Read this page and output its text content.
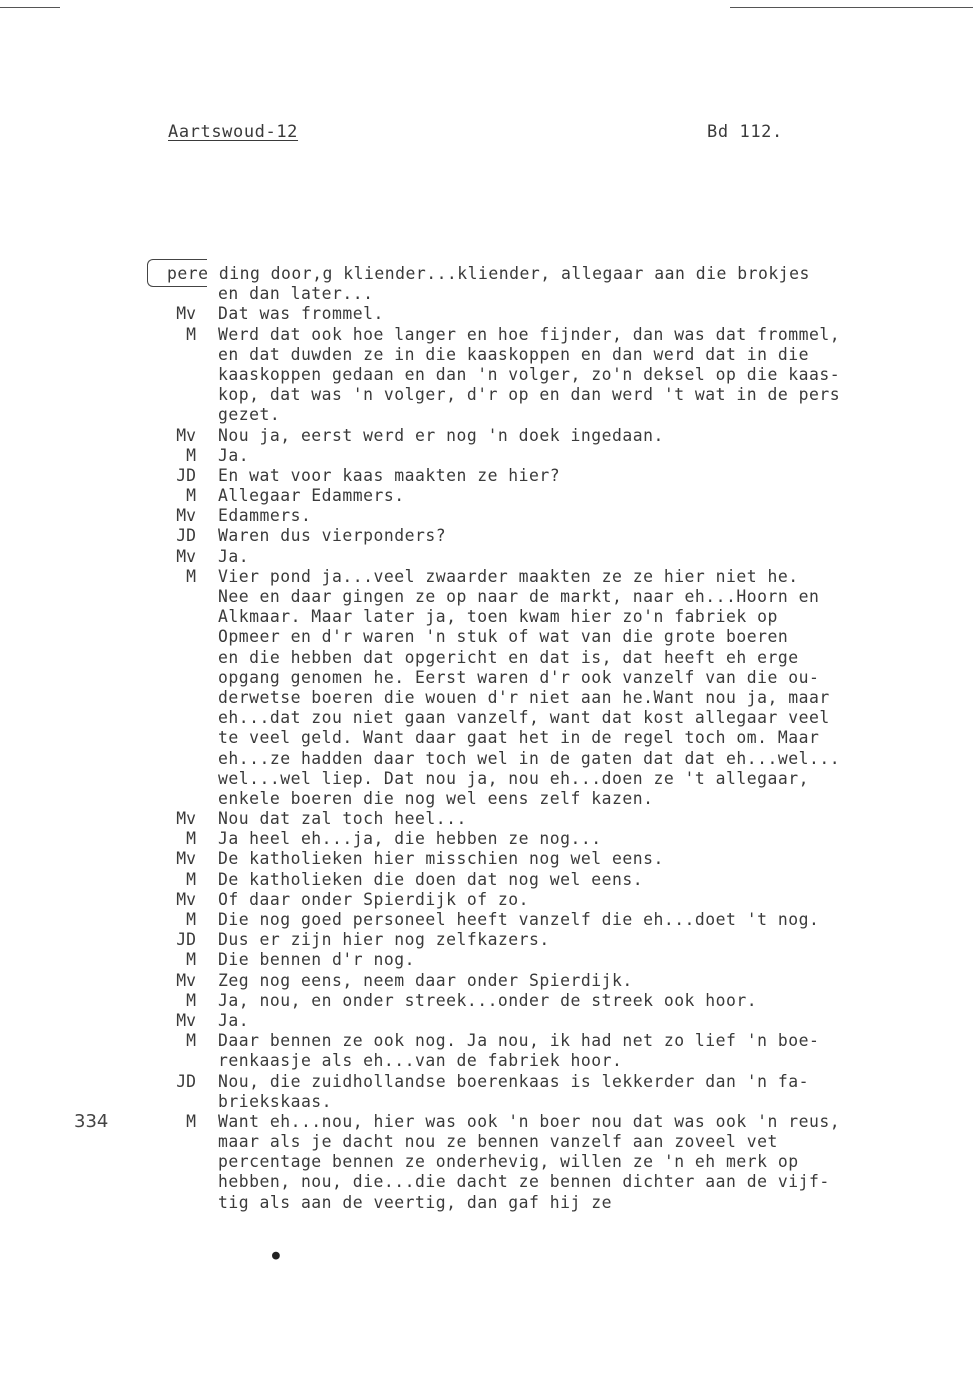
Aartswoud-12	Bd 112.
pere ding door,g kliender...kliender, allegaar aan die brokjes
en dan later...
Mv Dat was frommel.
M Werd dat ook hoe langer en hoe fijnder, dan was dat frommel,
en dat duwden ze in die kaaskoppen en dan werd dat in die
kaaskoppen gedaan en dan 'n volger, zo'n deksel op die kaas-
kop, dat was 'n volger, d'r op en dan werd 't wat in de pers
gezet.
Mv Nou ja, eerst werd er nog 'n doek ingedaan.
M Ja.
JD En wat voor kaas maakten ze hier?
M Allegaar Edammers.
Mv Edammers.
JD Waren dus vierponders?
Mv Ja.
M Vier pond ja...veel zwaarder maakten ze ze hier niet he.
Nee en daar gingen ze op naar de markt, naar eh...Hoorn en
Alkmaar. Maar later ja, toen kwam hier zo'n fabriek op
Opmeer en d'r waren 'n stuk of wat van die grote boeren
en die hebben dat opgericht en dat is, dat heeft eh erge
opgang genomen he. Eerst waren d'r ook vanzelf van die ou-
derwetse boeren die wouen d'r niet aan he.Want nou ja, maar
eh...dat zou niet gaan vanzelf, want dat kost allegaar veel
te veel geld. Want daar gaat het in de regel toch om. Maar
eh...ze hadden daar toch wel in de gaten dat dat eh...wel...
wel...wel liep. Dat nou ja, nou eh...doen ze 't allegaar,
enkele boeren die nog wel eens zelf kazen.
Mv Nou dat zal toch heel...
M Ja heel eh...ja, die hebben ze nog...
Mv De katholieken hier misschien nog wel eens.
M De katholieken die doen dat nog wel eens.
Mv Of daar onder Spierdijk of zo.
M Die nog goed personeel heeft vanzelf die eh...doet 't nog.
JD Dus er zijn hier nog zelfkazers.
M Die bennen d'r nog.
Mv Zeg nog eens, neem daar onder Spierdijk.
M Ja, nou, en onder streek...onder de streek ook hoor.
Mv Ja.
M Daar bennen ze ook nog. Ja nou, ik had net zo lief 'n boe-
renkaasje als eh...van de fabriek hoor.
JD Nou, die zuidhollandse boerenkaas is lekkerder dan 'n fa-
briekskaas.
M Want eh...nou, hier was ook 'n boer nou dat was ook 'n reus,
maar als je dacht nou ze bennen vanzelf aan zoveel vet
percentage bennen ze onderhevig, willen ze 'n eh merk op
hebben, nou, die...die dacht ze bennen dichter aan de vijf-
tig als aan de veertig, dan gaf hij ze
334
●
